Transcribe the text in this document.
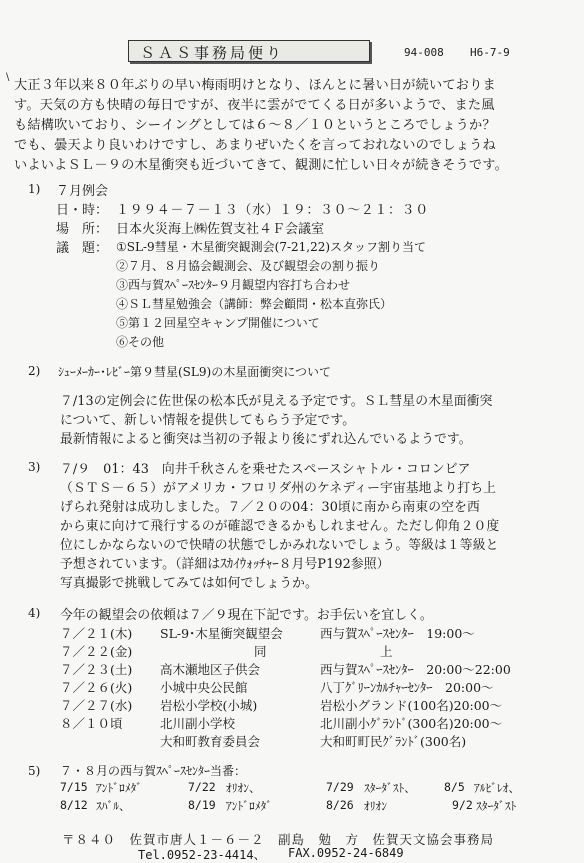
ＳＡＳ事務局便り	94-008 H6-7-9
\
大正３年以来８０年ぶりの早い梅雨明けとなり、ほんとに暑い日が続いておりま
す。天気の方も快晴の毎日ですが、夜半に雲がでてくる日が多いようで、また風
も結構吹いており、シーイングとしては６～８／１０というところでしょうか？
でも、曇天より良いわけですし、あまりぜいたくを言っておれないのでしょうね
いよいよＳＬ－９の木星衝突も近づいてきて、観測に忙しい日々が続きそうです。
1) ７月例会
日・時： １９９４－７－１３（水）１９：３０～２１：３０
場　所： 日本火災海上㈱佐賀支社４Ｆ会議室
議　題： ①SL-9彗星・木星衝突観測会(7-21,22)スタッフ割り当て
②７月、８月協会観測会、及び観望会の割り振り
③西与賀ｽﾍﾟｰｽｾﾝﾀｰ９月観望内容打ち合わせ
④ＳＬ彗星勉強会（講師：弊会顧問・松本直弥氏）
⑤第１２回星空キャンプ開催について
⑥その他
2) ｼｭｰﾒｰｶｰ･ﾚﾋﾞｰ第９彗星(SL9)の木星面衝突について
７/13の定例会に佐世保の松本氏が見える予定です。ＳＬ彗星の木星面衝突
について、新しい情報を提供してもらう予定です。
最新情報によると衝突は当初の予報より後にずれ込んでいるようです。
3) ７/９　01：43　向井千秋さんを乗せたスペースシャトル・コロンビア
（ＳＴＳ－６５）がアメリカ・フロリダ州のケネディー宇宙基地より打ち上
げられ発射は成功しました。７／２０の04：30頃に南から南東の空を西
から東に向けて飛行するのが確認できるかもしれません。ただし仰角２０度
位にしかならないので快晴の状態でしかみれないでしょう。等級は１等級と
予想されています。（詳細はｽｶｲｳｫｯﾁｬｰ８月号P192参照）
写真撮影で挑戦してみては如何でしょうか。
4) 今年の観望会の依頼は７／９現在下記です。お手伝いを宜しく。
７／２１(木) SL-9･木星衝突観望会	西与賀ｽﾍﾟｰｽｾﾝﾀｰ　19:00～
７／２２(金)	同	上
７／２３(土) 高木瀬地区子供会	西与賀ｽﾍﾟｰｽｾﾝﾀｰ　20:00～22:00
７／２６(火) 小城中央公民館	八丁ｸﾞﾘｰﾝｶﾙﾁｬｰｾﾝﾀｰ　20:00～
７／２７(水) 岩松小学校(小城)	岩松小グランド(100名)20:00～
８／１０頃	北川副小学校	北川副小ｸﾞﾗﾝﾄﾞ(300名)20:00～
大和町教育委員会	大和町町民ｸﾞﾗﾝﾄﾞ(300名)
5) ７・８月の西与賀ｽﾍﾟｰｽｾﾝﾀｰ当番：
7/15 ｱﾝﾄﾞﾛﾒﾀﾞ	7/22 ｵﾘｵﾝ、	7/29 ｽﾀｰﾀﾞｽﾄ、 8/5 ｱﾙﾋﾞﾚｵ、
8/12 ｽﾊﾞﾙ、	8/19 ｱﾝﾄﾞﾛﾒﾀﾞ	8/26 ｵﾘｵﾝ	9/2 ｽﾀｰﾀﾞｽﾄ
〒８４０　佐賀市唐人１－６－２　副島　勉　方　佐賀天文協会事務局
Tel.0952-23-4414、 FAX.0952-24-6849
